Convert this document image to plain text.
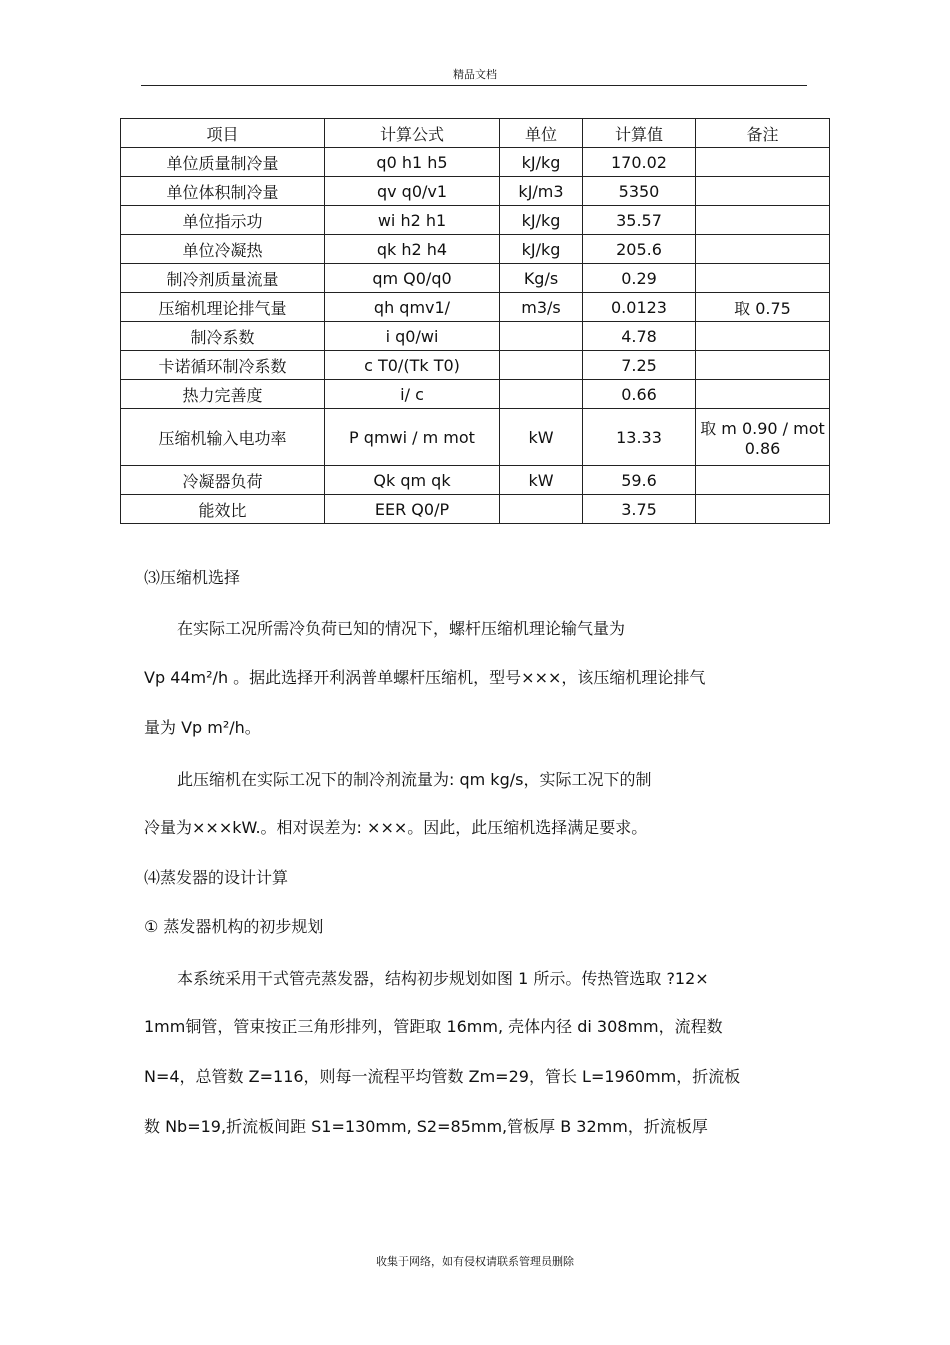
精品文档
项目	计算公式	单位	计算值	备注
单位质量制冷量	q0 h1 h5	kJ/kg	170.02	
单位体积制冷量	qv q0/v1	kJ/m3	5350	
单位指示功	wi h2 h1	kJ/kg	35.57	
单位冷凝热	qk h2 h4	kJ/kg	205.6	
制冷剂质量流量	qm Q0/q0	Kg/s	0.29	
压缩机理论排气量	qh qmv1/	m3/s	0.0123	取 0.75
制冷系数	i q0/wi		4.78	
卡诺循环制冷系数	c T0/(Tk T0)		7.25	
热力完善度	i/ c		0.66	
压缩机输入电功率	P qmwi / m mot	kW	13.33	取 m 0.90 / mot 0.86
冷凝器负荷	Qk qm qk	kW	59.6	
能效比	EER Q0/P		3.75	
⑶压缩机选择
在实际工况所需冷负荷已知的情况下，螺杆压缩机理论输气量为
Vp 44m²/h 。据此选择开利涡普单螺杆压缩机，型号×××，该压缩机理论排气
量为 Vp m²/h。
此压缩机在实际工况下的制冷剂流量为: qm kg/s，实际工况下的制
冷量为×××kW.。相对误差为: ×××。因此，此压缩机选择满足要求。
⑷蒸发器的设计计算
① 蒸发器机构的初步规划
本系统采用干式管壳蒸发器，结构初步规划如图 1 所示。传热管选取 ?12×
1mm铜管，管束按正三角形排列，管距取 16mm, 壳体内径 di 308mm，流程数
N=4，总管数 Z=116，则每一流程平均管数 Zm=29，管长 L=1960mm，折流板
数 Nb=19,折流板间距 S1=130mm, S2=85mm,管板厚 B 32mm，折流板厚
收集于网络，如有侵权请联系管理员删除
